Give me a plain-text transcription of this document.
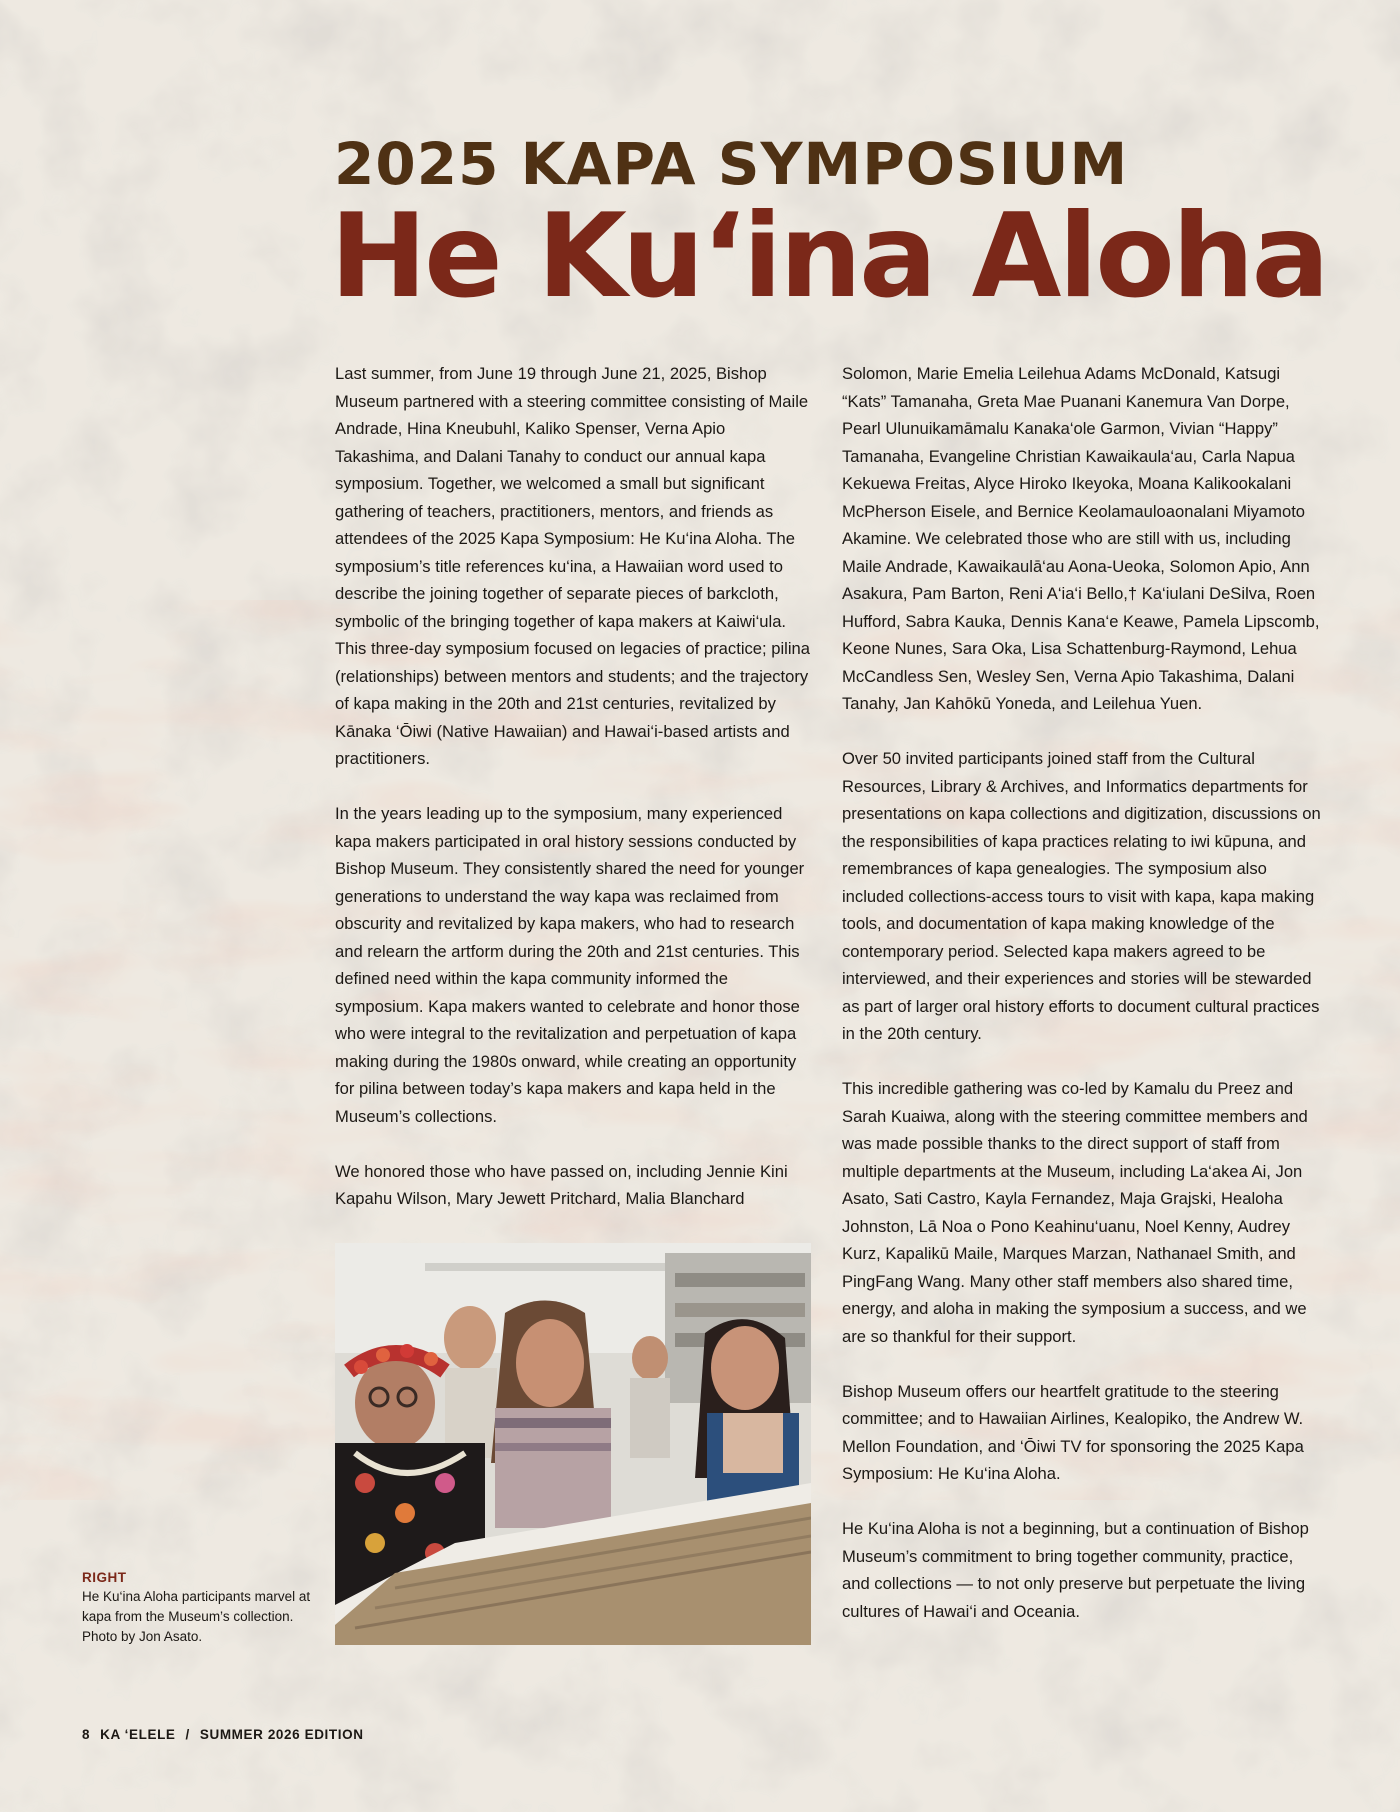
2025 KAPA SYMPOSIUM
He Ku‘ina Aloha

Last summer, from June 19 through June 21, 2025, Bishop Museum partnered with a steering committee consisting of Maile Andrade, Hina Kneubuhl, Kaliko Spenser, Verna Apio Takashima, and Dalani Tanahy to conduct our annual kapa symposium. Together, we welcomed a small but significant gathering of teachers, practitioners, mentors, and friends as attendees of the 2025 Kapa Symposium: He Ku‘ina Aloha. The symposium’s title references ku‘ina, a Hawaiian word used to describe the joining together of separate pieces of barkcloth, symbolic of the bringing together of kapa makers at Kaiwi‘ula. This three-day symposium focused on legacies of practice; pilina (relationships) between mentors and students; and the trajectory of kapa making in the 20th and 21st centuries, revitalized by Kānaka ‘Ōiwi (Native Hawaiian) and Hawai‘i-based artists and practitioners.

In the years leading up to the symposium, many experienced kapa makers participated in oral history sessions conducted by Bishop Museum. They consistently shared the need for younger generations to understand the way kapa was reclaimed from obscurity and revitalized by kapa makers, who had to research and relearn the artform during the 20th and 21st centuries. This defined need within the kapa community informed the symposium. Kapa makers wanted to celebrate and honor those who were integral to the revitalization and perpetuation of kapa making during the 1980s onward, while creating an opportunity for pilina between today’s kapa makers and kapa held in the Museum’s collections.

We honored those who have passed on, including Jennie Kini Kapahu Wilson, Mary Jewett Pritchard, Malia Blanchard

Solomon, Marie Emelia Leilehua Adams McDonald, Katsugi “Kats” Tamanaha, Greta Mae Puanani Kanemura Van Dorpe, Pearl Ulunuikamāmalu Kanaka‘ole Garmon, Vivian “Happy” Tamanaha, Evangeline Christian Kawaikaula‘au, Carla Napua Kekuewa Freitas, Alyce Hiroko Ikeyoka, Moana Kalikookalani McPherson Eisele, and Bernice Keolamauloaonalani Miyamoto Akamine. We celebrated those who are still with us, including Maile Andrade, Kawaikaulā‘au Aona-Ueoka, Solomon Apio, Ann Asakura, Pam Barton, Reni A‘ia‘i Bello,† Ka‘iulani DeSilva, Roen Hufford, Sabra Kauka, Dennis Kana‘e Keawe, Pamela Lipscomb, Keone Nunes, Sara Oka, Lisa Schattenburg-Raymond, Lehua McCandless Sen, Wesley Sen, Verna Apio Takashima, Dalani Tanahy, Jan Kahōkū Yoneda, and Leilehua Yuen.

Over 50 invited participants joined staff from the Cultural Resources, Library & Archives, and Informatics departments for presentations on kapa collections and digitization, discussions on the responsibilities of kapa practices relating to iwi kūpuna, and remembrances of kapa genealogies. The symposium also included collections-access tours to visit with kapa, kapa making tools, and documentation of kapa making knowledge of the contemporary period. Selected kapa makers agreed to be interviewed, and their experiences and stories will be stewarded as part of larger oral history efforts to document cultural practices in the 20th century.

This incredible gathering was co-led by Kamalu du Preez and Sarah Kuaiwa, along with the steering committee members and was made possible thanks to the direct support of staff from multiple departments at the Museum, including La‘akea Ai, Jon Asato, Sati Castro, Kayla Fernandez, Maja Grajski, Healoha Johnston, Lā Noa o Pono Keahinu‘uanu, Noel Kenny, Audrey Kurz, Kapalikū Maile, Marques Marzan, Nathanael Smith, and PingFang Wang. Many other staff members also shared time, energy, and aloha in making the symposium a success, and we are so thankful for their support.

Bishop Museum offers our heartfelt gratitude to the steering committee; and to Hawaiian Airlines, Kealopiko, the Andrew W. Mellon Foundation, and ‘Ōiwi TV for sponsoring the 2025 Kapa Symposium: He Ku‘ina Aloha.

He Ku‘ina Aloha is not a beginning, but a continuation of Bishop Museum’s commitment to bring together community, practice, and collections — to not only preserve but perpetuate the living cultures of Hawai‘i and Oceania.

RIGHT
He Ku‘ina Aloha participants marvel at kapa from the Museum’s collection. Photo by Jon Asato.
8 KA ‘ELELE / SUMMER 2026 EDITION
